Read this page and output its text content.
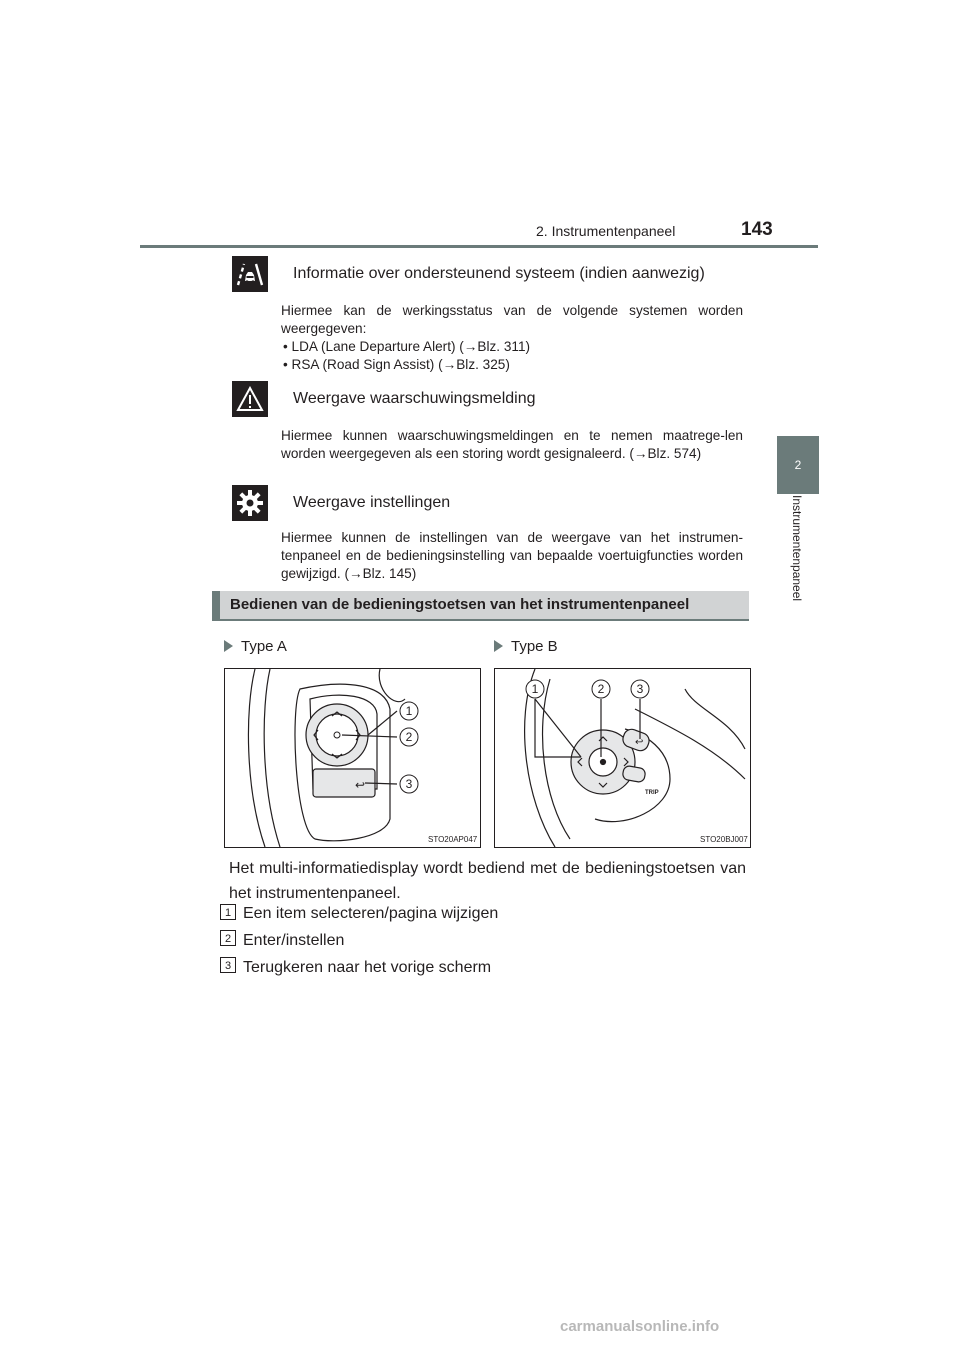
2. Instrumentenpaneel	143
2
Instrumentenpaneel
Informatie over ondersteunend systeem (indien aanwezig)
Hiermee kan de werkingsstatus van de volgende systemen worden weergegeven:
• LDA (Lane Departure Alert) (→Blz. 311)
• RSA (Road Sign Assist) (→Blz. 325)
Weergave waarschuwingsmelding
Hiermee kunnen waarschuwingsmeldingen en te nemen maatrege-len worden weergegeven als een storing wordt gesignaleerd. (→Blz. 574)
Weergave instellingen
Hiermee kunnen de instellingen van de weergave van het instrumen-tenpaneel en de bedieningsinstelling van bepaalde voertuigfuncties worden gewijzigd. (→Blz. 145)
Bedienen van de bedieningstoetsen van het instrumentenpaneel
Type A	Type B
↩
1
2
3
STO20AP047
↩
TRIP
1	2	3
STO20BJ007
Het multi-informatiedisplay wordt bediend met de bedieningstoetsen van het instrumentenpaneel.
1 Een item selecteren/pagina wijzigen
2 Enter/instellen
3 Terugkeren naar het vorige scherm
carmanualsonline.info
